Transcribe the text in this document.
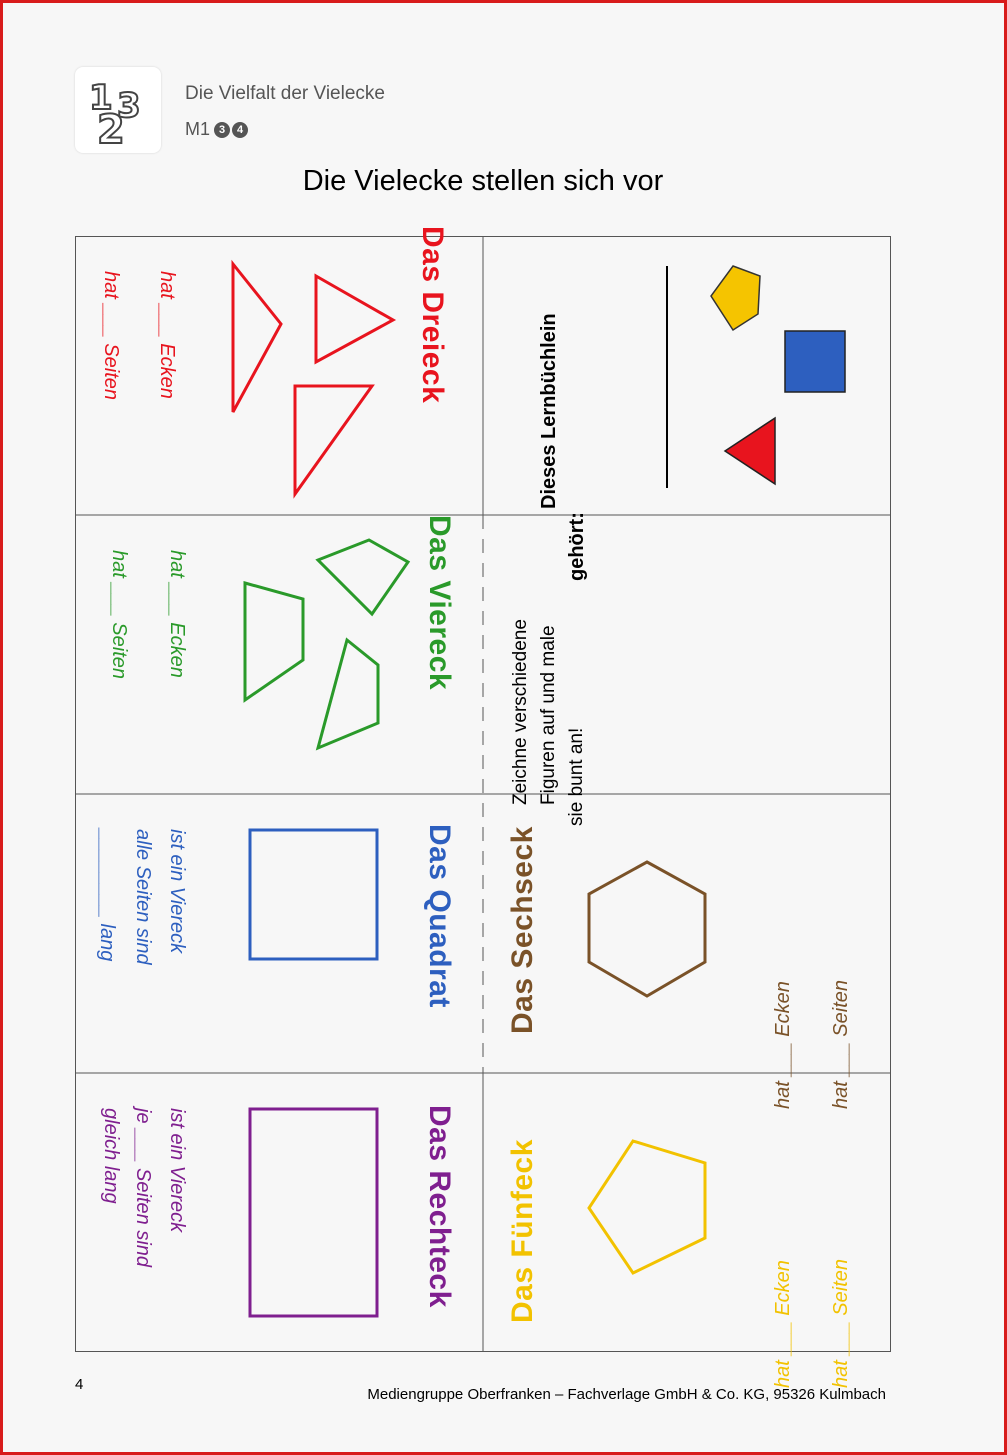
1 3
2
Die Vielfalt der Vielecke
M1 3	4
Die Vielecke stellen sich vor
Das Dreieck
hat ___ Ecken
hat ___ Seiten	Dieses Lernbüchlein
gehört:
Das Viereck
hat ___ Ecken
hat ___ Seiten
Zeichne verschiedene Figuren auf und male sie bunt an!
Das Quadrat
ist ein Viereck
alle Seiten sind
________ lang	Das Sechseck
hat ___ Ecken	hat ___ Seiten
Das Rechteck
ist ein Viereck
je ___ Seiten sind
gleich lang	Das Fünfeck
hat ___ Ecken	hat ___ Seiten
4
Mediengruppe Oberfranken – Fachverlage GmbH & Co. KG, 95326 Kulmbach
